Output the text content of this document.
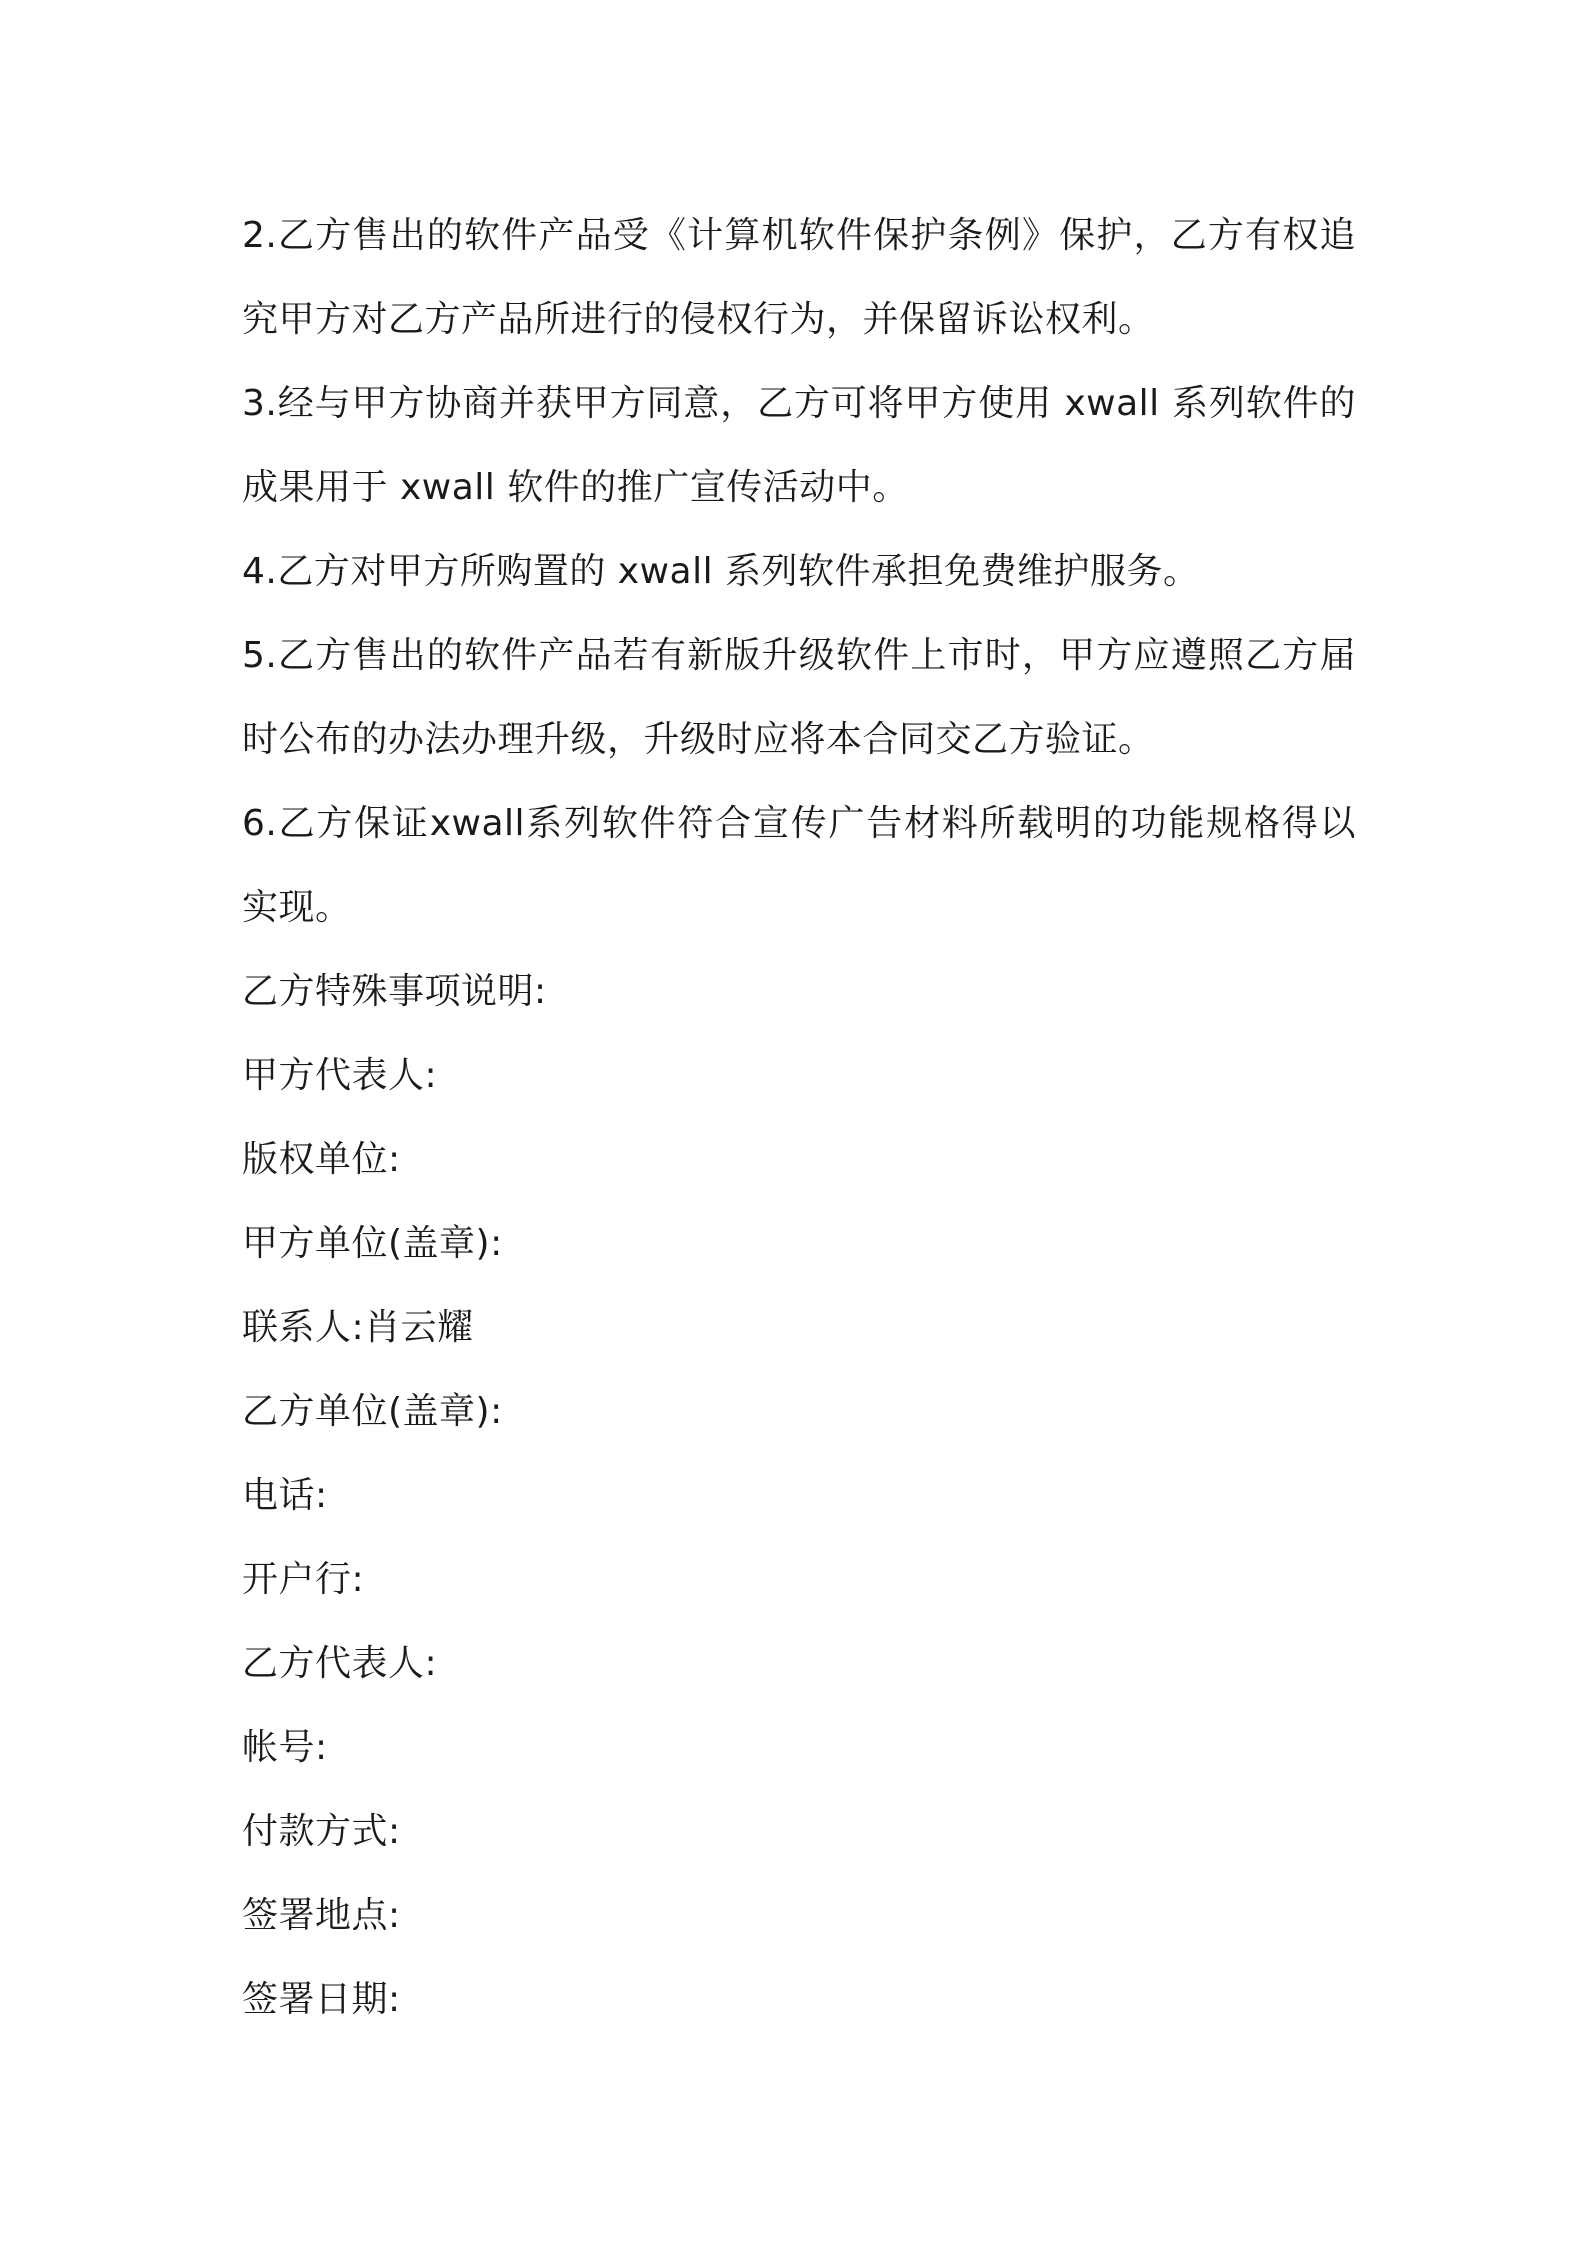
2.乙方售出的软件产品受《计算机软件保护条例》保护，乙方有权追究甲方对乙方产品所进行的侵权行为，并保留诉讼权利。

3.经与甲方协商并获甲方同意，乙方可将甲方使用 xwall 系列软件的成果用于 xwall 软件的推广宣传活动中。

4.乙方对甲方所购置的 xwall 系列软件承担免费维护服务。

5.乙方售出的软件产品若有新版升级软件上市时，甲方应遵照乙方届时公布的办法办理升级，升级时应将本合同交乙方验证。

6.乙方保证xwall系列软件符合宣传广告材料所载明的功能规格得以实现。

乙方特殊事项说明:

甲方代表人:

版权单位:

甲方单位(盖章):

联系人:肖云耀

乙方单位(盖章):

电话:

开户行:

乙方代表人:

帐号:

付款方式:

签署地点:

签署日期:
